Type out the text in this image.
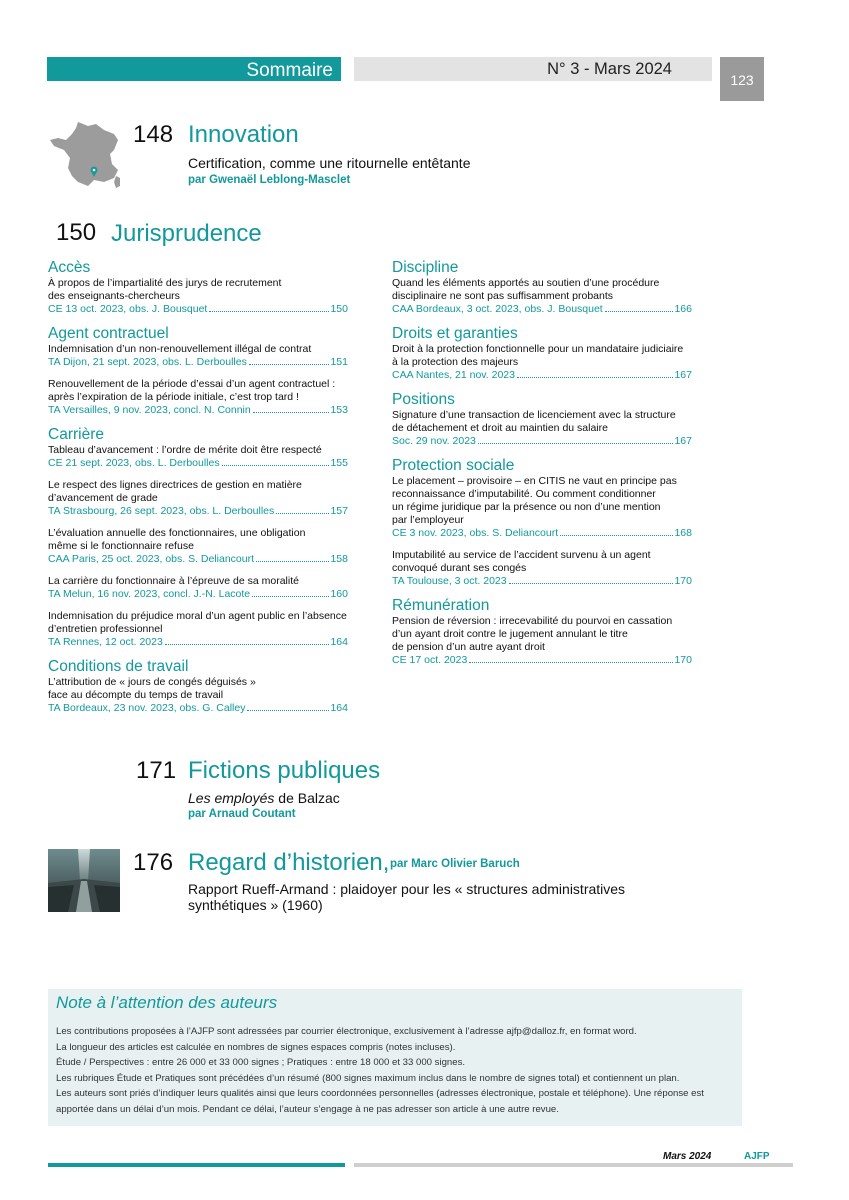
Sommaire	N° 3 - Mars 2024
123
148 Innovation
Certification, comme une ritournelle entêtante
par Gwenaël Leblong-Masclet
150 Jurisprudence
Accès
À propos de l’impartialité des jurys de recrutement
des enseignants-chercheurs
CE 13 oct. 2023, obs. J. Bousquet	150
Agent contractuel
Indemnisation d’un non-renouvellement illégal de contrat
TA Dijon, 21 sept. 2023, obs. L. Derboulles	151
Renouvellement de la période d’essai d’un agent contractuel :
après l’expiration de la période initiale, c’est trop tard !
TA Versailles, 9 nov. 2023, concl. N. Connin	153
Carrière
Tableau d’avancement : l’ordre de mérite doit être respecté
CE 21 sept. 2023, obs. L. Derboulles	155
Le respect des lignes directrices de gestion en matière
d’avancement de grade
TA Strasbourg, 26 sept. 2023, obs. L. Derboulles	157
L’évaluation annuelle des fonctionnaires, une obligation
même si le fonctionnaire refuse
CAA Paris, 25 oct. 2023, obs. S. Deliancourt	158
La carrière du fonctionnaire à l’épreuve de sa moralité
TA Melun, 16 nov. 2023, concl. J.-N. Lacote	160
Indemnisation du préjudice moral d’un agent public en l’absence
d’entretien professionnel
TA Rennes, 12 oct. 2023	164
Conditions de travail
L’attribution de « jours de congés déguisés »
face au décompte du temps de travail
TA Bordeaux, 23 nov. 2023, obs. G. Calley	164
Discipline
Quand les éléments apportés au soutien d’une procédure
disciplinaire ne sont pas suffisamment probants
CAA Bordeaux, 3 oct. 2023, obs. J. Bousquet	166
Droits et garanties
Droit à la protection fonctionnelle pour un mandataire judiciaire
à la protection des majeurs
CAA Nantes, 21 nov. 2023	167
Positions
Signature d’une transaction de licenciement avec la structure
de détachement et droit au maintien du salaire
Soc. 29 nov. 2023	167
Protection sociale
Le placement – provisoire – en CITIS ne vaut en principe pas
reconnaissance d’imputabilité. Ou comment conditionner
un régime juridique par la présence ou non d’une mention
par l’employeur
CE 3 nov. 2023, obs. S. Deliancourt	168
Imputabilité au service de l’accident survenu à un agent
convoqué durant ses congés
TA Toulouse, 3 oct. 2023	170
Rémunération
Pension de réversion : irrecevabilité du pourvoi en cassation
d’un ayant droit contre le jugement annulant le titre
de pension d’un autre ayant droit
CE 17 oct. 2023	170
171 Fictions publiques
Les employés de Balzac
par Arnaud Coutant
176 Regard d’historien, par Marc Olivier Baruch
Rapport Rueff-Armand : plaidoyer pour les « structures administratives
synthétiques » (1960)
Note à l’attention des auteurs
Les contributions proposées à l’AJFP sont adressées par courrier électronique, exclusivement à l’adresse ajfp@dalloz.fr, en format word.
La longueur des articles est calculée en nombres de signes espaces compris (notes incluses).
Étude / Perspectives : entre 26 000 et 33 000 signes ; Pratiques : entre 18 000 et 33 000 signes.
Les rubriques Étude et Pratiques sont précédées d’un résumé (800 signes maximum inclus dans le nombre de signes total) et contiennent un plan.
Les auteurs sont priés d’indiquer leurs qualités ainsi que leurs coordonnées personnelles (adresses électronique, postale et téléphone). Une réponse est apportée dans un délai d’un mois. Pendant ce délai, l’auteur s’engage à ne pas adresser son article à une autre revue.
Mars 2024	AJFP
